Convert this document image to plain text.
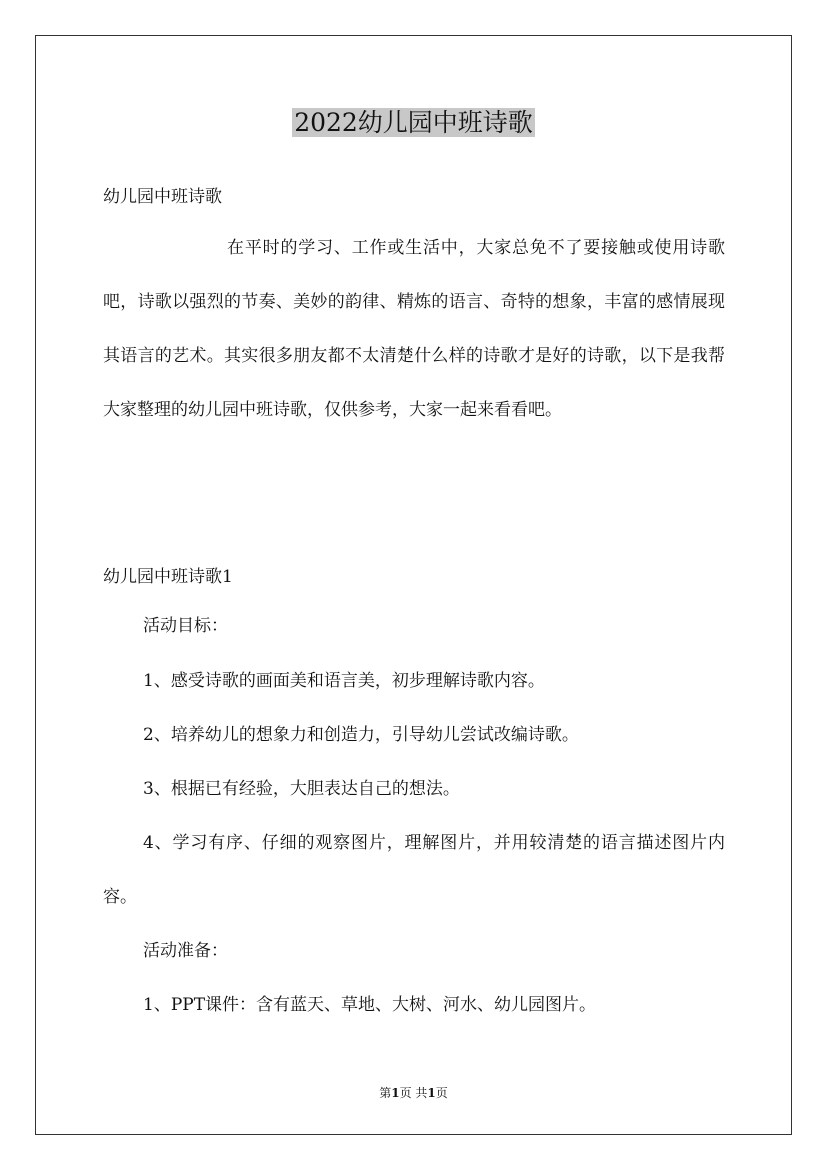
2022幼儿园中班诗歌

幼儿园中班诗歌

在平时的学习、工作或生活中，大家总免不了要接触或使用诗歌吧，诗歌以强烈的节奏、美妙的韵律、精炼的语言、奇特的想象，丰富的感情展现其语言的艺术。其实很多朋友都不太清楚什么样的诗歌才是好的诗歌，以下是我帮大家整理的幼儿园中班诗歌，仅供参考，大家一起来看看吧。

幼儿园中班诗歌1

活动目标：

1、感受诗歌的画面美和语言美，初步理解诗歌内容。

2、培养幼儿的想象力和创造力，引导幼儿尝试改编诗歌。

3、根据已有经验，大胆表达自己的想法。

4、学习有序、仔细的观察图片，理解图片，并用较清楚的语言描述图片内容。

活动准备：

1、PPT课件：含有蓝天、草地、大树、河水、幼儿园图片。

第1页 共1页
